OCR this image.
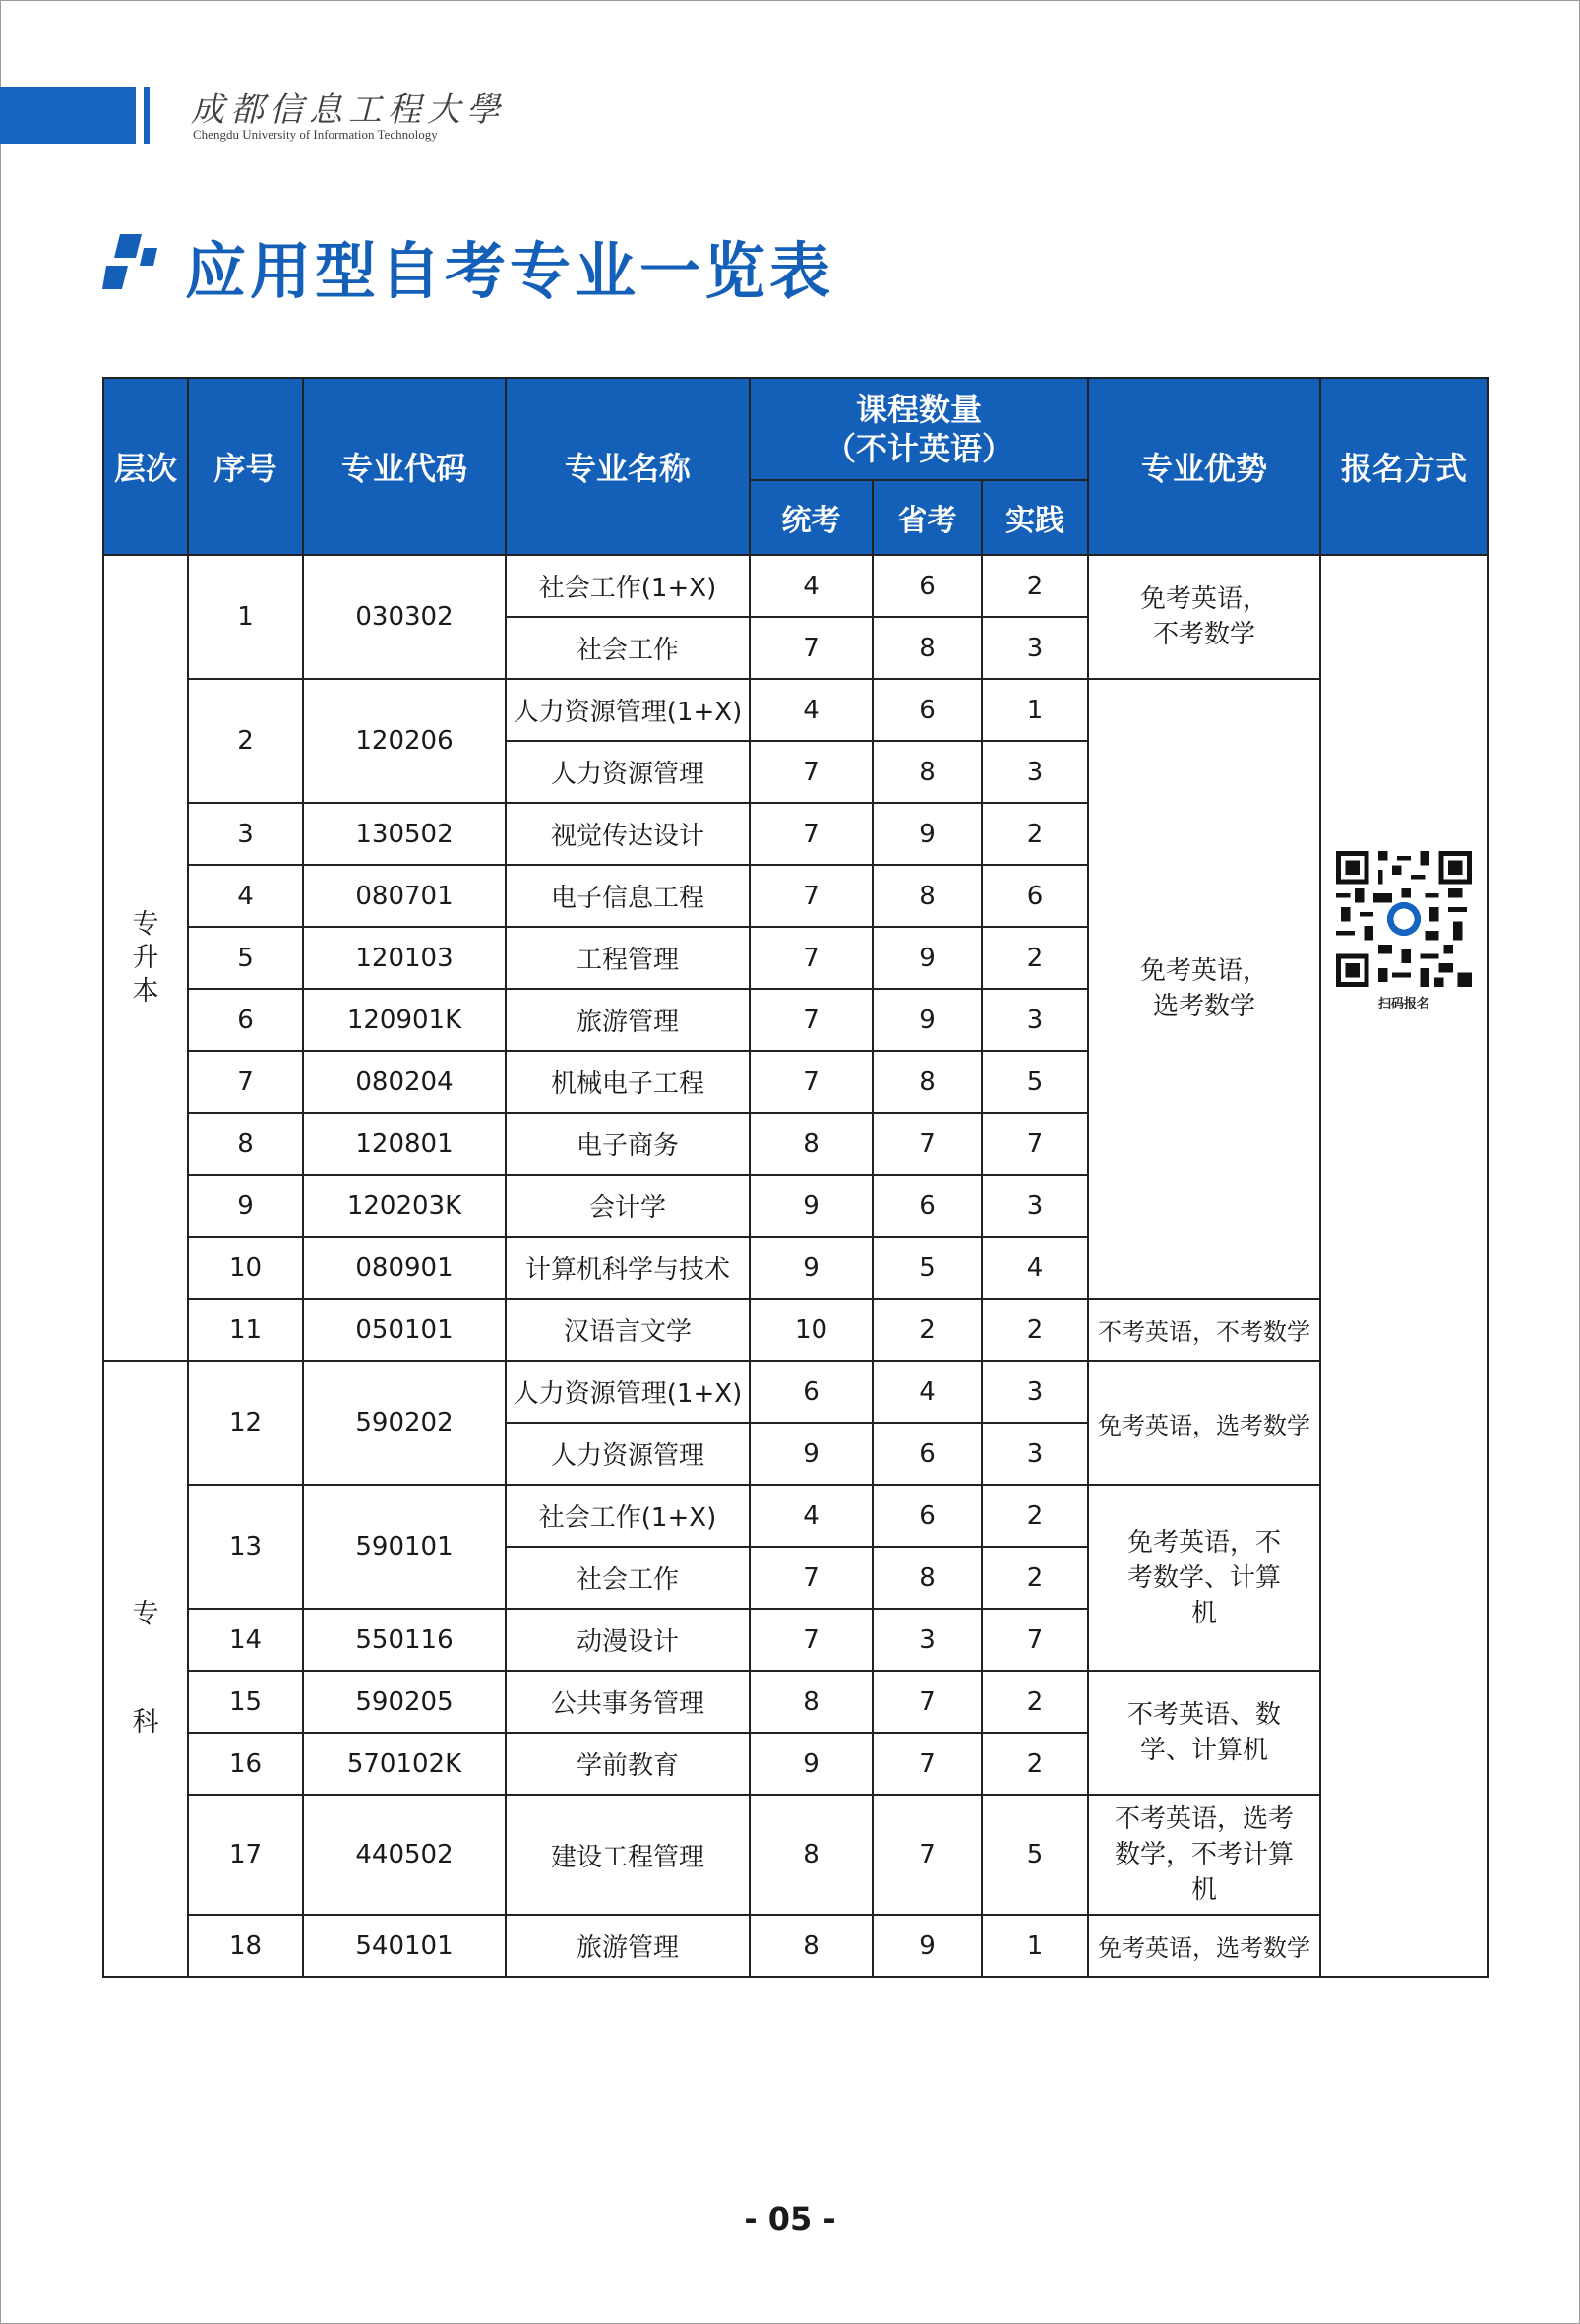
成都信息工程大學
Chengdu University of Information Technology
应用型自考专业一览表
层次	序号	专业代码	专业名称	课程数量
（不计英语）			专业优势	报名方式
				统考	省考	实践		

专升本	1	030302	社会工作(1+X)	4	6	2	免考英语，不考数学	扫码报名

			社会工作	7	8	3		
	2	120206	人力资源管理(1+X)	4	6	1	免考英语，选考数学	

			人力资源管理	7	8	3		
	3	130502	视觉传达设计	7	9	2		
	4	080701	电子信息工程	7	8	6		
	5	120103	工程管理	7	9	2		
	6	120901K	旅游管理	7	9	3		
	7	080204	机械电子工程	7	8	5		
	8	120801	电子商务	8	7	7		
	9	120203K	会计学	9	6	3		
	10	080901	计算机科学与技术	9	5	4		
	11	050101	汉语言文学	10	2	2	不考英语，不考数学	

专科	12	590202	人力资源管理(1+X)	6	4	3	免考英语，选考数学	
			人力资源管理	9	6	3		
	13	590101	社会工作(1+X)	4	6	2	免考英语，不考数学、计算机	

			社会工作	7	8	2		
	14	550116	动漫设计	7	3	7		
	15	590205	公共事务管理	8	7	2	不考英语、数学、计算机	

	16	570102K	学前教育	9	7	2		
	17	440502	建设工程管理	8	7	5	不考英语，选考数学，不考计算机	

	18	540101	旅游管理	8	9	1	免考英语，选考数学	
- 05 -
